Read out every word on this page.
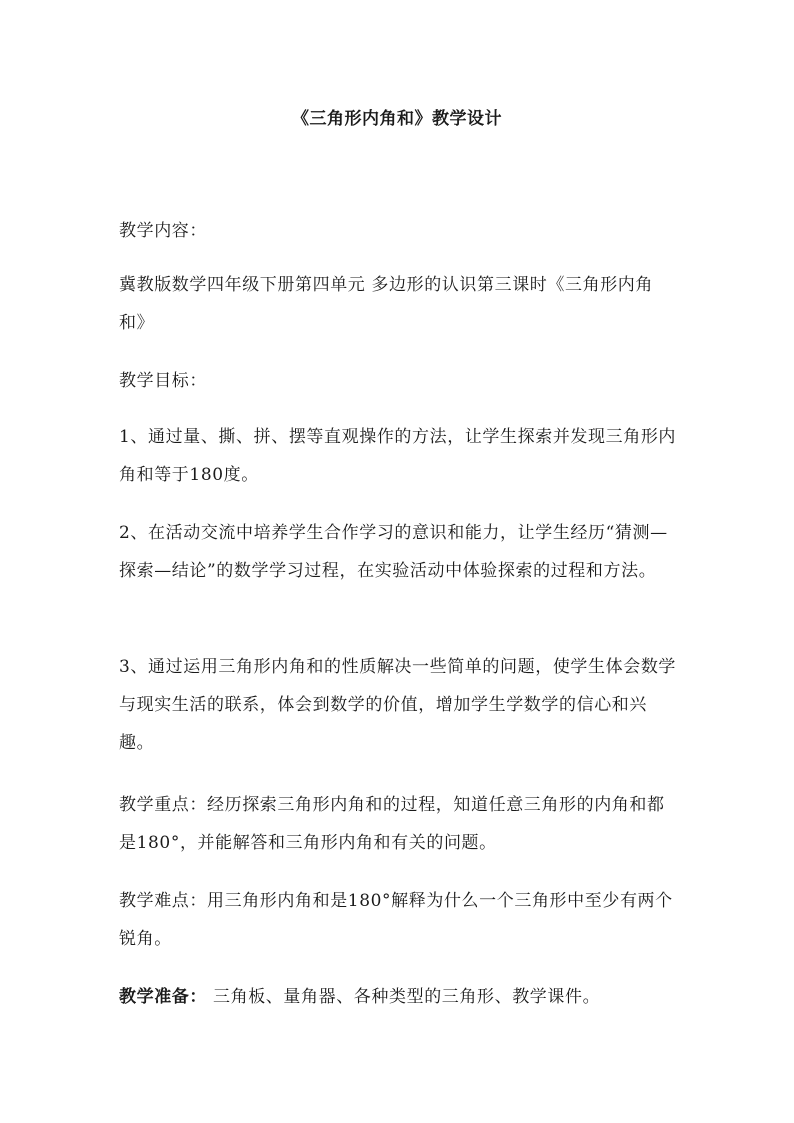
《三角形内角和》教学设计
教学内容：
冀教版数学四年级下册第四单元 多边形的认识第三课时《三角形内角和》
教学目标：
1、通过量、撕、拼、摆等直观操作的方法，让学生探索并发现三角形内角和等于180度。
2、在活动交流中培养学生合作学习的意识和能力，让学生经历“猜测—探索—结论”的数学学习过程，在实验活动中体验探索的过程和方法。
3、通过运用三角形内角和的性质解决一些简单的问题，使学生体会数学与现实生活的联系，体会到数学的价值，增加学生学数学的信心和兴趣。
教学重点：经历探索三角形内角和的过程，知道任意三角形的内角和都是180°，并能解答和三角形内角和有关的问题。
教学难点：用三角形内角和是180°解释为什么一个三角形中至少有两个锐角。
教学准备： 三角板、量角器、各种类型的三角形、教学课件。
